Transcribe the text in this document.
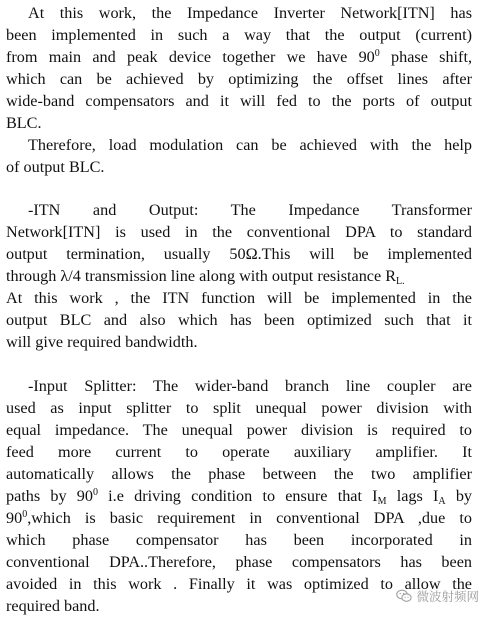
At this work, the Impedance Inverter Network[ITN] has
been implemented in such a way that the output (current)
from main and peak device together we have $90^0$ phase shift,
which can be achieved by optimizing the offset lines after
wide-band compensators and it will fed to the ports of output
BLC.
Therefore, load modulation can be achieved with the help
of output BLC.
-ITN and Output: The Impedance Transformer
Network[ITN] is used in the conventional DPA to standard
output termination, usually 50Ω.This will be implemented
through λ/4 transmission line along with output resistance $R_{L.}$
At this work , the ITN function will be implemented in the
output BLC and also which has been optimized such that it
will give required bandwidth.
-Input Splitter: The wider-band branch line coupler are
used as input splitter to split unequal power division with
equal impedance. The unequal power division is required to
feed more current to operate auxiliary amplifier. It
automatically allows the phase between the two amplifier
paths by $90^0$ i.e driving condition to ensure that $I_M$ lags $I_A$ by
$90^0,which$ is basic requirement in conventional DPA ,due to
which phase compensator has been incorporated in
conventional DPA..Therefore, phase compensators has been
avoided in this work . Finally it was optimized to allow the
required band.
微波射频网
